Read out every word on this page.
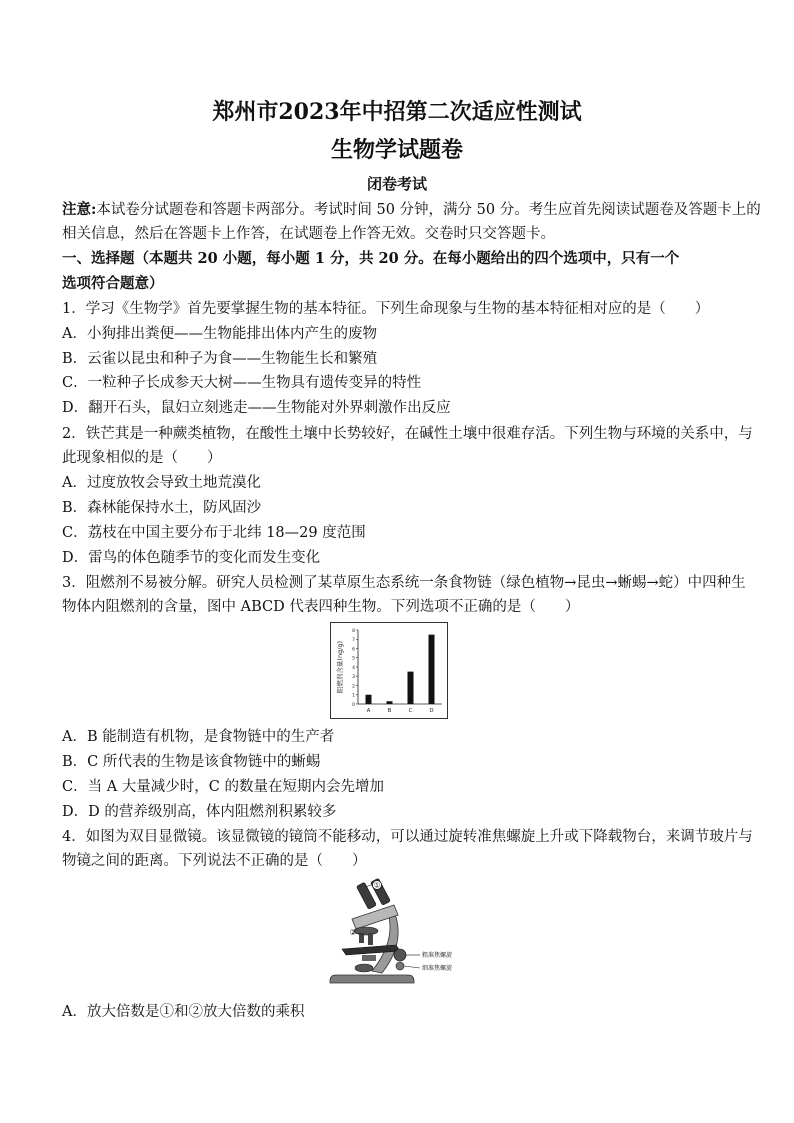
郑州市2023年中招第二次适应性测试
生物学试题卷
闭卷考试
注意:本试卷分试题卷和答题卡两部分。考试时间 50 分钟，满分 50 分。考生应首先阅读试题卷及答题卡上的
相关信息，然后在答题卡上作答，在试题卷上作答无效。交卷时只交答题卡。
一、选择题（本题共 20 小题，每小题 1 分，共 20 分。在每小题给出的四个选项中，只有一个
选项符合题意）
1．学习《生物学》首先要掌握生物的基本特征。下列生命现象与生物的基本特征相对应的是（　　）
A．小狗排出粪便——生物能排出体内产生的废物
B．云雀以昆虫和种子为食——生物能生长和繁殖
C．一粒种子长成参天大树——生物具有遗传变异的特性
D．翻开石头，鼠妇立刻逃走——生物能对外界刺激作出反应
2．铁芒萁是一种蕨类植物，在酸性土壤中长势较好，在碱性土壤中很难存活。下列生物与环境的关系中，与
此现象相似的是（　　）
A．过度放牧会导致土地荒漠化
B．森林能保持水土，防风固沙
C．荔枝在中国主要分布于北纬 18—29 度范围
D．雷鸟的体色随季节的变化而发生变化
3．阻燃剂不易被分解。研究人员检测了某草原生态系统一条食物链（绿色植物→昆虫→蜥蜴→蛇）中四种生
物体内阻燃剂的含量，图中 ABCD 代表四种生物。下列选项不正确的是（　　）
阻燃剂含量(ng/g)
0
1
2
3
4
5
6
7
8
A	B	C	D
A．B 能制造有机物，是食物链中的生产者
B．C 所代表的生物是该食物链中的蜥蜴
C．当 A 大量减少时，C 的数量在短期内会先增加
D．D 的营养级别高，体内阻燃剂积累较多
4．如图为双目显微镜。该显微镜的镜筒不能移动，可以通过旋转准焦螺旋上升或下降载物台，来调节玻片与
物镜之间的距离。下列说法不正确的是（　　）
①
②
粗准焦螺旋
细准焦螺旋
A．放大倍数是①和②放大倍数的乘积
